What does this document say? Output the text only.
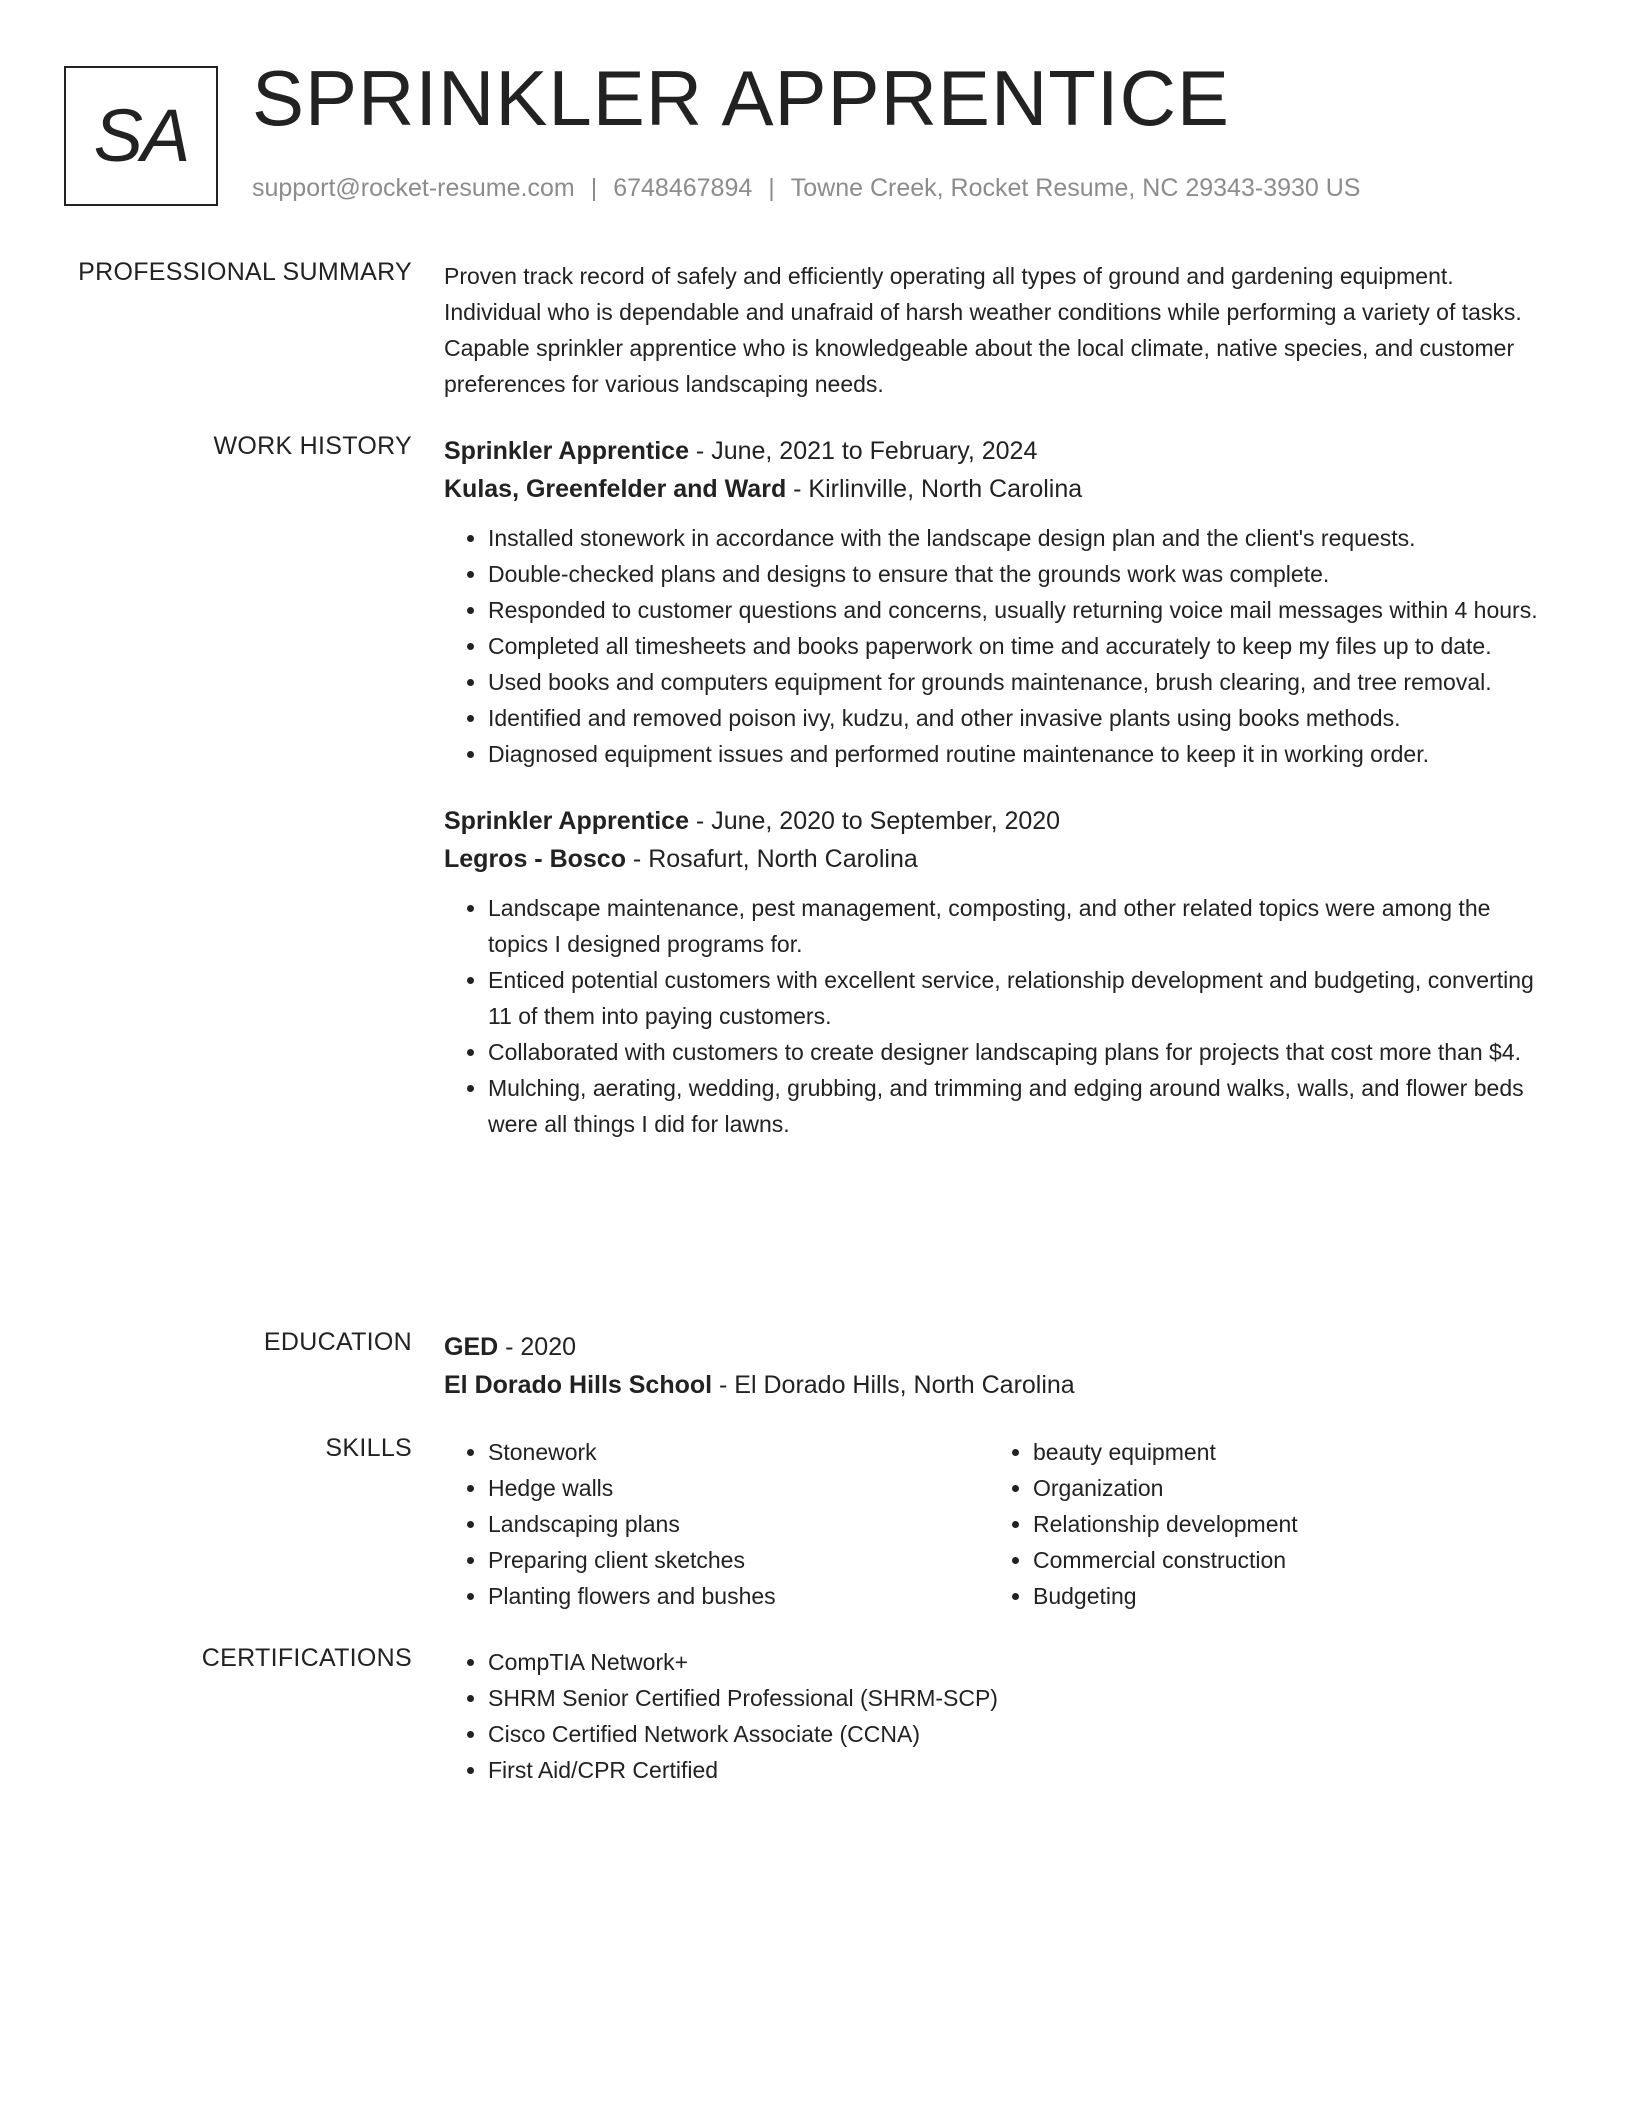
SA SPRINKLER APPRENTICE
support@rocket-resume.com | 6748467894 | Towne Creek, Rocket Resume, NC 29343-3930 US
PROFESSIONAL SUMMARY Proven track record of safely and efficiently operating all types of ground and gardening equipment. Individual who is dependable and unafraid of harsh weather conditions while performing a variety of tasks. Capable sprinkler apprentice who is knowledgeable about the local climate, native species, and customer preferences for various landscaping needs.

WORK HISTORY Sprinkler Apprentice - June, 2021 to February, 2024
Kulas, Greenfelder and Ward - Kirlinville, North Carolina
• Installed stonework in accordance with the landscape design plan and the client's requests.
• Double-checked plans and designs to ensure that the grounds work was complete.
• Responded to customer questions and concerns, usually returning voice mail messages within 4 hours.
• Completed all timesheets and books paperwork on time and accurately to keep my files up to date.
• Used books and computers equipment for grounds maintenance, brush clearing, and tree removal.
• Identified and removed poison ivy, kudzu, and other invasive plants using books methods.
• Diagnosed equipment issues and performed routine maintenance to keep it in working order.
Sprinkler Apprentice - June, 2020 to September, 2020
Legros - Bosco - Rosafurt, North Carolina
• Landscape maintenance, pest management, composting, and other related topics were among the topics I designed programs for.
• Enticed potential customers with excellent service, relationship development and budgeting, converting 11 of them into paying customers.
• Collaborated with customers to create designer landscaping plans for projects that cost more than $4.
• Mulching, aerating, wedding, grubbing, and trimming and edging around walks, walls, and flower beds were all things I did for lawns.
EDUCATION GED - 2020
El Dorado Hills School - El Dorado Hills, North Carolina
SKILLS	• Stonework
• Hedge walls
• Landscaping plans
• Preparing client sketches
• Planting flowers and bushes
• beauty equipment
• Organization
• Relationship development
• Commercial construction
• Budgeting
CERTIFICATIONS	• CompTIA Network+
• SHRM Senior Certified Professional (SHRM-SCP)
• Cisco Certified Network Associate (CCNA)
• First Aid/CPR Certified
